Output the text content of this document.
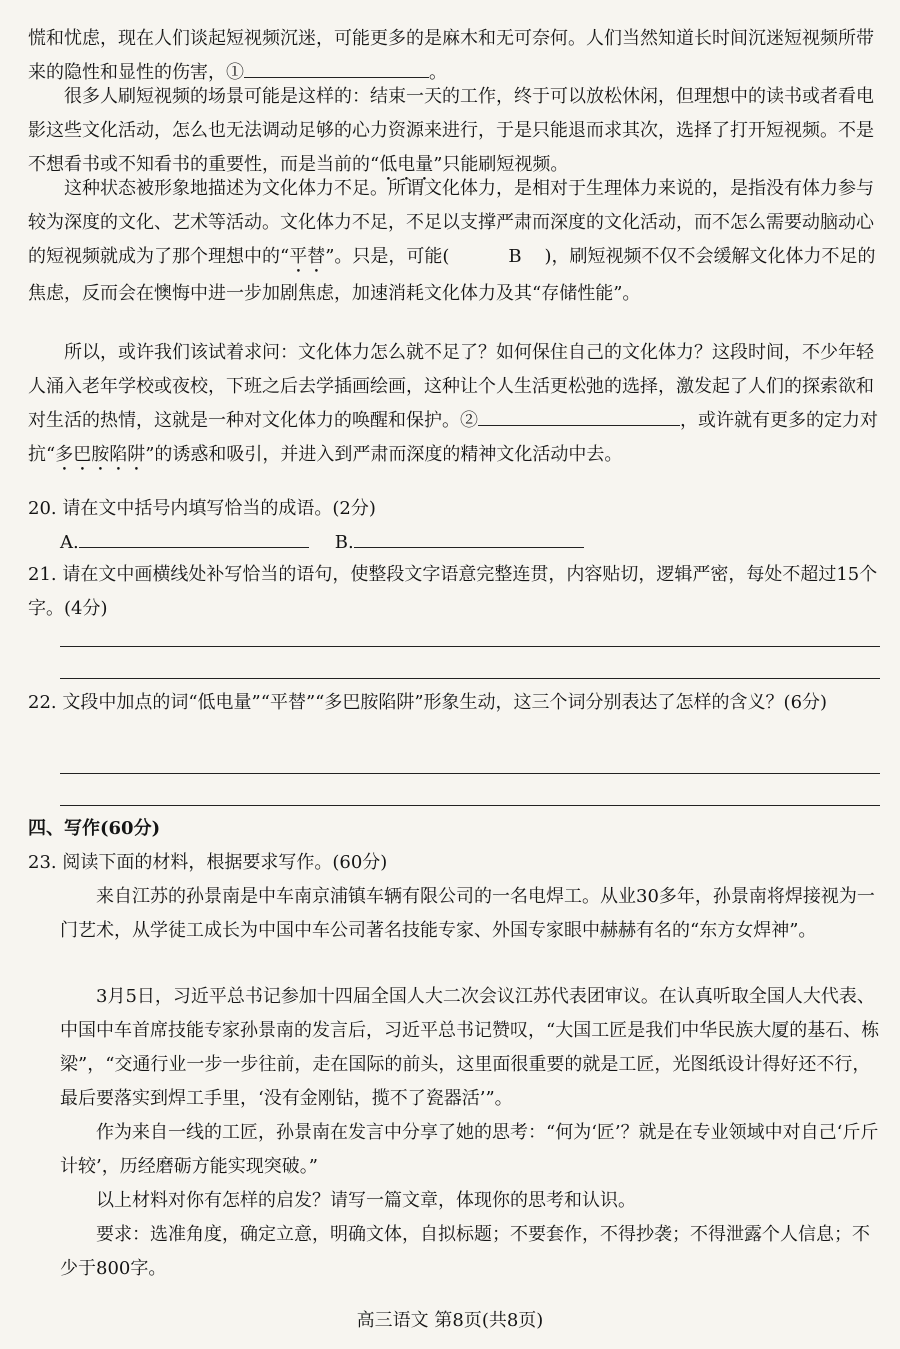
慌和忧虑，现在人们谈起短视频沉迷，可能更多的是麻木和无可奈何。人们当然知道长时间沉迷短视频所带来的隐性和显性的伤害，①	。

很多人刷短视频的场景可能是这样的：结束一天的工作，终于可以放松休闲，但理想中的读书或者看电影这些文化活动，怎么也无法调动足够的心力资源来进行，于是只能退而求其次，选择了打开短视频。不是不想看书或不知看书的重要性，而是当前的“低电量”只能刷短视频。

这种状态被形象地描述为文化体力不足。所谓文化体力，是相对于生理体力来说的，是指没有体力参与较为深度的文化、艺术等活动。文化体力不足，不足以支撑严肃而深度的文化活动，而不怎么需要动脑动心的短视频就成为了那个理想中的“平替”。只是，可能(	B )，刷短视频不仅不会缓解文化体力不足的焦虑，反而会在懊悔中进一步加剧焦虑，加速消耗文化体力及其“存储性能”。

所以，或许我们该试着求问：文化体力怎么就不足了？如何保住自己的文化体力？这段时间，不少年轻人涌入老年学校或夜校，下班之后去学插画绘画，这种让个人生活更松弛的选择，激发起了人们的探索欲和对生活的热情，这就是一种对文化体力的唤醒和保护。②	，或许就有更多的定力对抗“多巴胺陷阱”的诱惑和吸引，并进入到严肃而深度的精神文化活动中去。

20. 请在文中括号内填写恰当的成语。(2分)

A.	B.

21. 请在文中画横线处补写恰当的语句，使整段文字语意完整连贯，内容贴切，逻辑严密，每处不超过15个字。(4分)

22. 文段中加点的词“低电量”“平替”“多巴胺陷阱”形象生动，这三个词分别表达了怎样的含义？(6分)

四、写作(60分)

23. 阅读下面的材料，根据要求写作。(60分)

来自江苏的孙景南是中车南京浦镇车辆有限公司的一名电焊工。从业30多年，孙景南将焊接视为一门艺术，从学徒工成长为中国中车公司著名技能专家、外国专家眼中赫赫有名的“东方女焊神”。

3月5日，习近平总书记参加十四届全国人大二次会议江苏代表团审议。在认真听取全国人大代表、中国中车首席技能专家孙景南的发言后，习近平总书记赞叹，“大国工匠是我们中华民族大厦的基石、栋梁”，“交通行业一步一步往前，走在国际的前头，这里面很重要的就是工匠，光图纸设计得好还不行，最后要落实到焊工手里，‘没有金刚钻，揽不了瓷器活’”。

作为来自一线的工匠，孙景南在发言中分享了她的思考：“何为‘匠’？就是在专业领域中对自己‘斤斤计较’，历经磨砺方能实现突破。”

以上材料对你有怎样的启发？请写一篇文章，体现你的思考和认识。

要求：选准角度，确定立意，明确文体，自拟标题；不要套作，不得抄袭；不得泄露个人信息；不少于800字。

高三语文 第8页(共8页)
